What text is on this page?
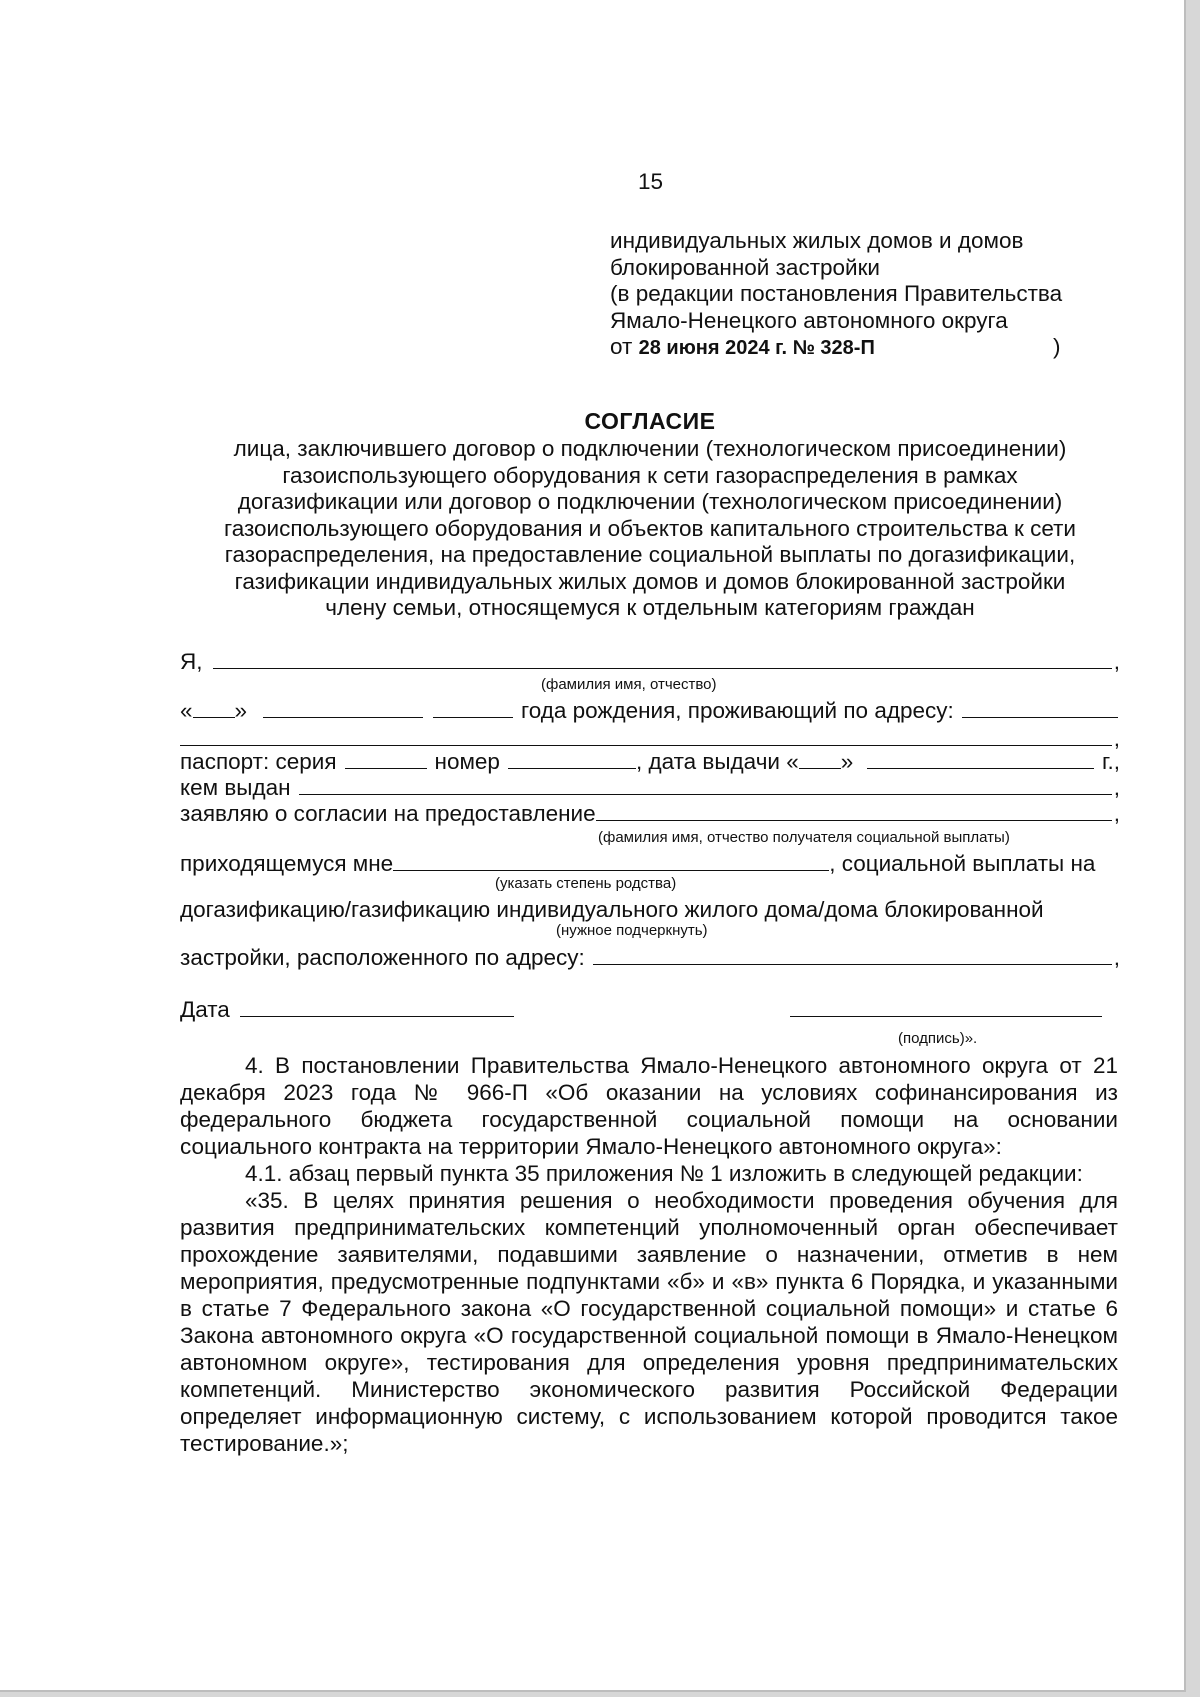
15
индивидуальных жилых домов и домов
блокированной застройки
(в редакции постановления Правительства
Ямало-Ненецкого автономного округа
от 28 июня 2024 г. № 328-П	)
СОГЛАСИЕ
лица, заключившего договор о подключении (технологическом присоединении)
газоиспользующего оборудования к сети газораспределения в рамках
догазификации или договор о подключении (технологическом присоединении)
газоиспользующего оборудования и объектов капитального строительства к сети
газораспределения, на предоставление социальной выплаты по догазификации,
газификации индивидуальных жилых домов и домов блокированной застройки
члену семьи, относящемуся к отдельным категориям граждан
Я,	,
(фамилия имя, отчество)
« »	года рождения, проживающий по адресу:
,
паспорт: серия	номер	, дата выдачи « »	г.,
кем выдан	,
заявляю о согласии на предоставление	,
(фамилия имя, отчество получателя социальной выплаты)
приходящемуся мне	, социальной выплаты на
(указать степень родства)
догазификацию/газификацию индивидуального жилого дома/дома блокированной
(нужное подчеркнуть)
застройки, расположенного по адресу:	,
Дата
(подпись)».

4. В постановлении Правительства Ямало-Ненецкого автономного округа от 21 декабря 2023 года № 966-П «Об оказании на условиях софинансирования из федерального бюджета государственной социальной помощи на основании социального контракта на территории Ямало-Ненецкого автономного округа»:

4.1. абзац первый пункта 35 приложения № 1 изложить в следующей редакции:

«35. В целях принятия решения о необходимости проведения обучения для развития предпринимательских компетенций уполномоченный орган обеспечивает прохождение заявителями, подавшими заявление о назначении, отметив в нем мероприятия, предусмотренные подпунктами «б» и «в» пункта 6 Порядка, и указанными в статье 7 Федерального закона «О государственной социальной помощи» и статье 6 Закона автономного округа «О государственной социальной помощи в Ямало-Ненецком автономном округе», тестирования для определения уровня предпринимательских компетенций. Министерство экономического развития Российской Федерации определяет информационную систему, с использованием которой проводится такое тестирование.»;
